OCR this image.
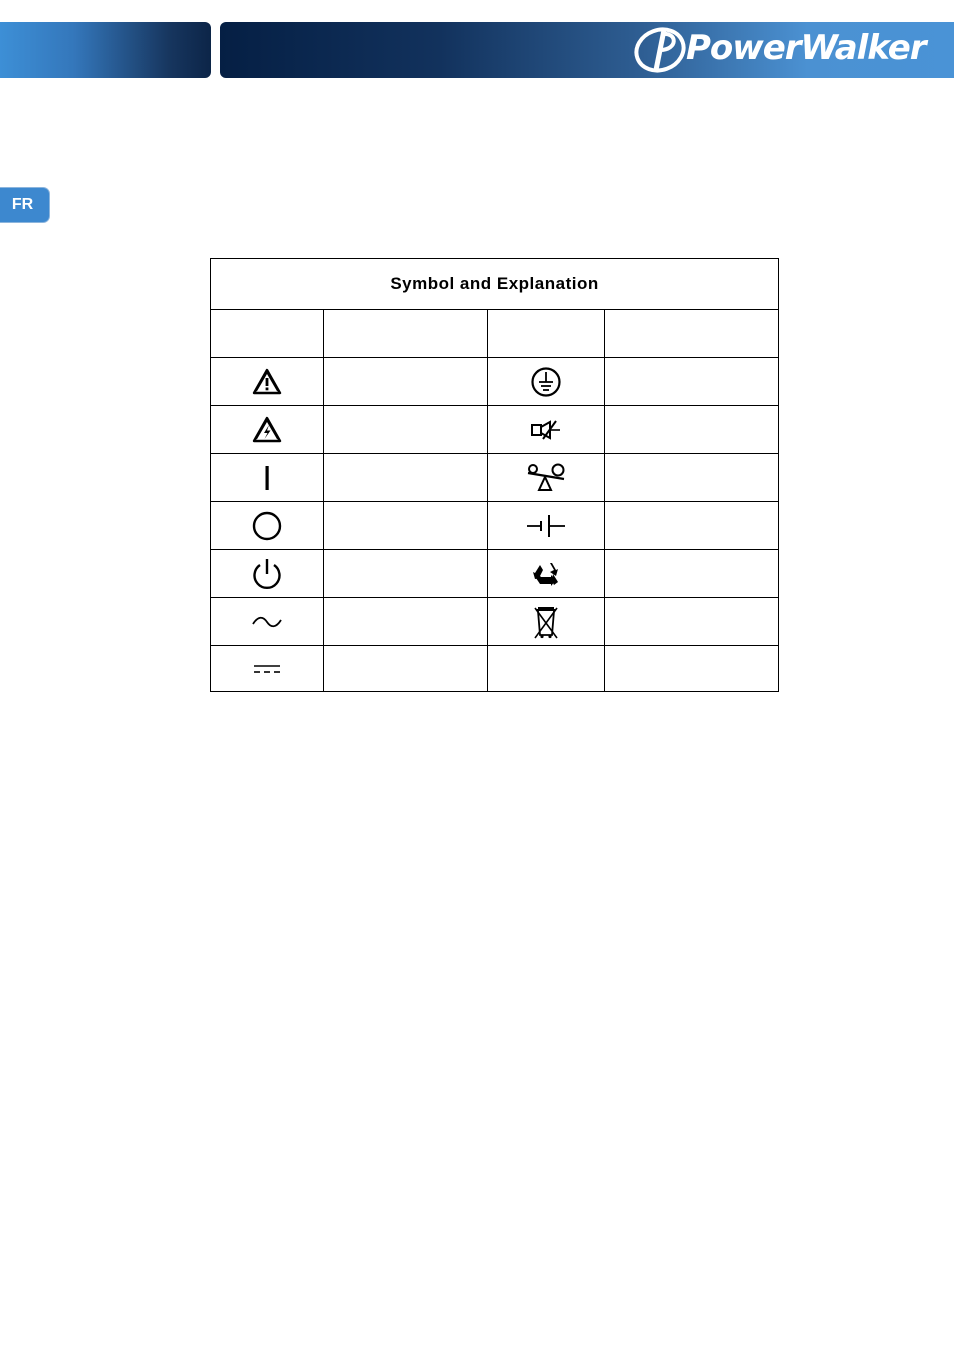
PowerWalker
FR
Symbol and Explanation			
